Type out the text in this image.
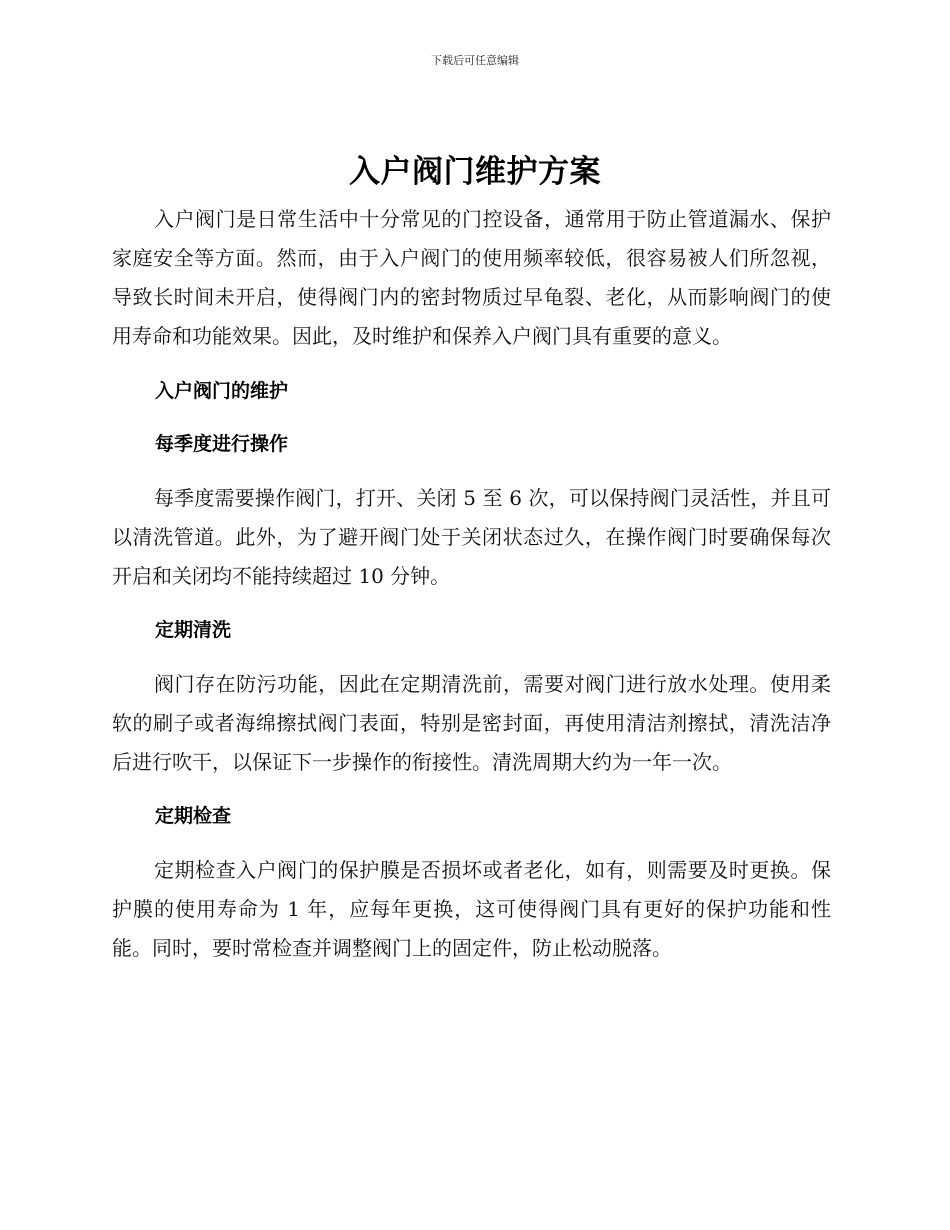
下载后可任意编辑
入户阀门维护方案

入户阀门是日常生活中十分常见的门控设备，通常用于防止管道漏水、保护家庭安全等方面。然而，由于入户阀门的使用频率较低，很容易被人们所忽视，导致长时间未开启，使得阀门内的密封物质过早龟裂、老化，从而影响阀门的使用寿命和功能效果。因此，及时维护和保养入户阀门具有重要的意义。

入户阀门的维护

每季度进行操作

每季度需要操作阀门，打开、关闭 5 至 6 次，可以保持阀门灵活性，并且可以清洗管道。此外，为了避开阀门处于关闭状态过久，在操作阀门时要确保每次开启和关闭均不能持续超过 10 分钟。

定期清洗

阀门存在防污功能，因此在定期清洗前，需要对阀门进行放水处理。使用柔软的刷子或者海绵擦拭阀门表面，特别是密封面，再使用清洁剂擦拭，清洗洁净后进行吹干，以保证下一步操作的衔接性。清洗周期大约为一年一次。

定期检查

定期检查入户阀门的保护膜是否损坏或者老化，如有，则需要及时更换。保护膜的使用寿命为 1 年，应每年更换，这可使得阀门具有更好的保护功能和性能。同时，要时常检查并调整阀门上的固定件，防止松动脱落。
